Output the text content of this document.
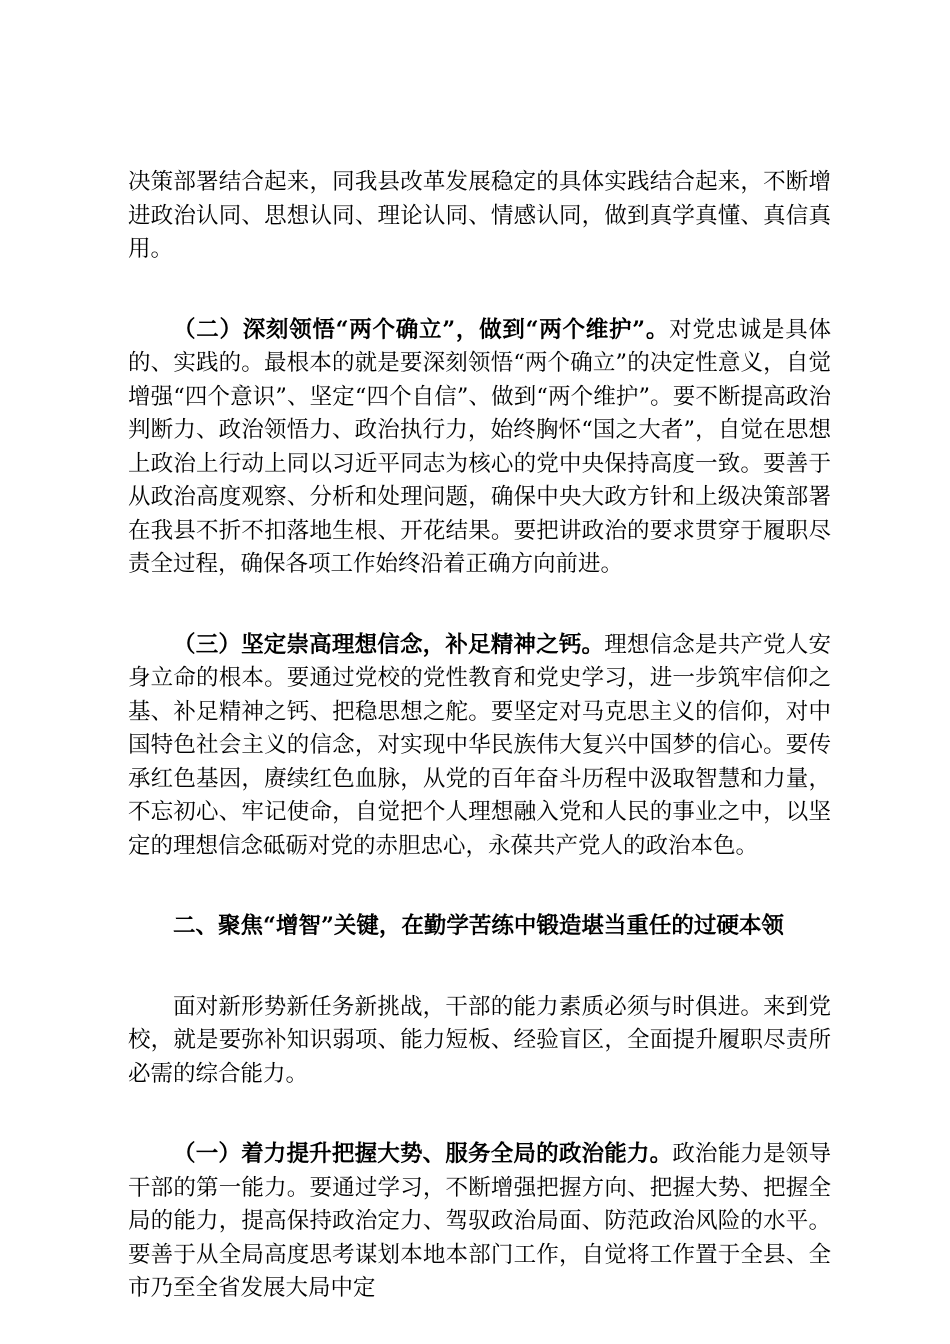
决策部署结合起来，同我县改革发展稳定的具体实践结合起来，不断增进政治认同、思想认同、理论认同、情感认同，做到真学真懂、真信真用。

（二）深刻领悟“两个确立”，做到“两个维护”。对党忠诚是具体的、实践的。最根本的就是要深刻领悟“两个确立”的决定性意义，自觉增强“四个意识”、坚定“四个自信”、做到“两个维护”。要不断提高政治判断力、政治领悟力、政治执行力，始终胸怀“国之大者”，自觉在思想上政治上行动上同以习近平同志为核心的党中央保持高度一致。要善于从政治高度观察、分析和处理问题，确保中央大政方针和上级决策部署在我县不折不扣落地生根、开花结果。要把讲政治的要求贯穿于履职尽责全过程，确保各项工作始终沿着正确方向前进。

（三）坚定崇高理想信念，补足精神之钙。理想信念是共产党人安身立命的根本。要通过党校的党性教育和党史学习，进一步筑牢信仰之基、补足精神之钙、把稳思想之舵。要坚定对马克思主义的信仰，对中国特色社会主义的信念，对实现中华民族伟大复兴中国梦的信心。要传承红色基因，赓续红色血脉，从党的百年奋斗历程中汲取智慧和力量，不忘初心、牢记使命，自觉把个人理想融入党和人民的事业之中，以坚定的理想信念砥砺对党的赤胆忠心，永葆共产党人的政治本色。

二、聚焦“增智”关键，在勤学苦练中锻造堪当重任的过硬本领

面对新形势新任务新挑战，干部的能力素质必须与时俱进。来到党校，就是要弥补知识弱项、能力短板、经验盲区，全面提升履职尽责所必需的综合能力。

（一）着力提升把握大势、服务全局的政治能力。政治能力是领导干部的第一能力。要通过学习，不断增强把握方向、把握大势、把握全局的能力，提高保持政治定力、驾驭政治局面、防范政治风险的水平。要善于从全局高度思考谋划本地本部门工作，自觉将工作置于全县、全市乃至全省发展大局中定
